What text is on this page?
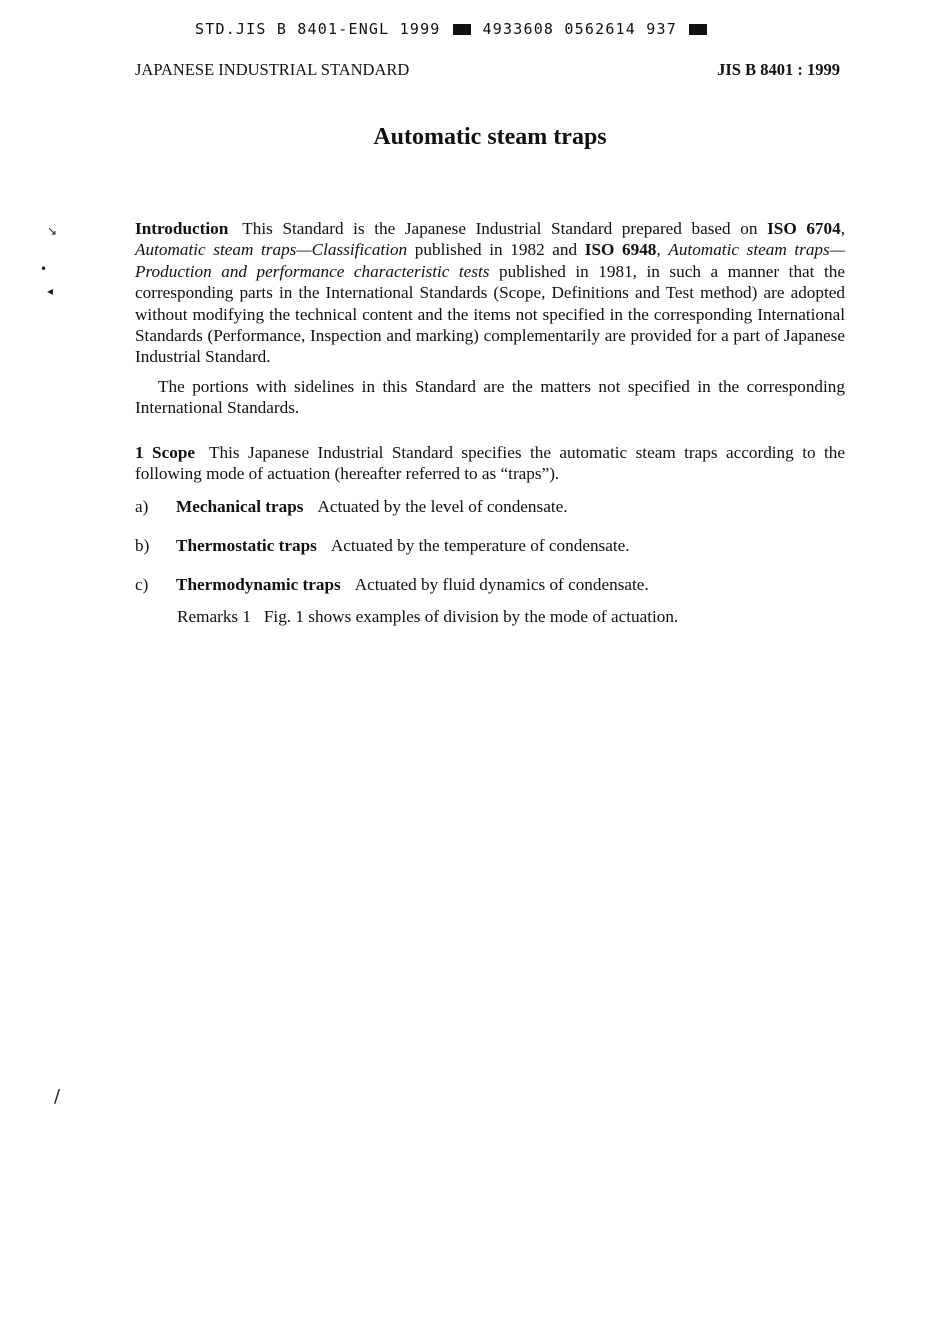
STD.JIS B 8401-ENGL 1999	4933608 0562614 937
JAPANESE INDUSTRIAL STANDARD	JIS B 8401 : 1999
Automatic steam traps

Introduction This Standard is the Japanese Industrial Standard prepared based on ISO 6704, Automatic steam traps—Classification published in 1982 and ISO 6948, Automatic steam traps—Production and performance characteristic tests published in 1981, in such a manner that the corresponding parts in the International Standards (Scope, Definitions and Test method) are adopted without modifying the technical content and the items not specified in the corresponding International Standards (Performance, Inspection and marking) complementarily are provided for a part of Japanese Industrial Standard.

The portions with sidelines in this Standard are the matters not specified in the corresponding International Standards.

1 Scope This Japanese Industrial Standard specifies the automatic steam traps according to the following mode of actuation (hereafter referred to as “traps”).

a)	Mechanical traps Actuated by the level of condensate.
b)	Thermostatic traps Actuated by the temperature of condensate.
c)	Thermodynamic traps Actuated by fluid dynamics of condensate.

Remarks 1   Fig. 1 shows examples of division by the mode of actuation.

↘
•
◂
/
